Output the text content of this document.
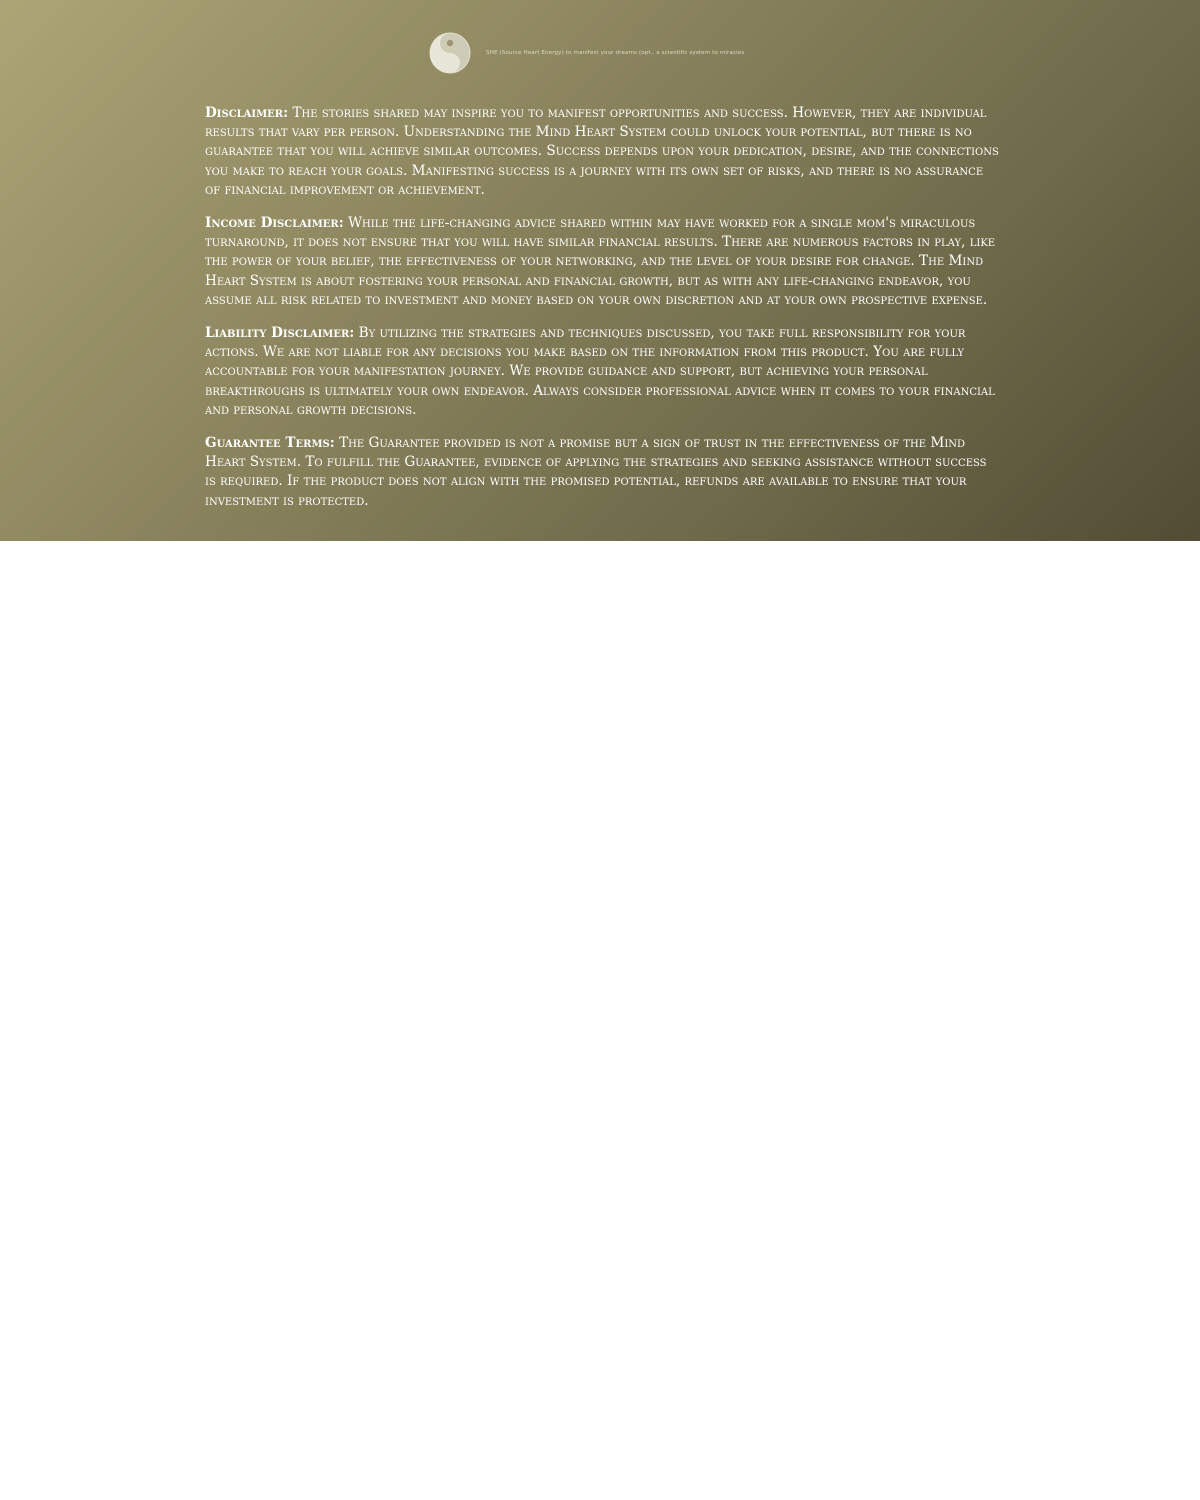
SHE (Source Heart Energy) to manifest your dreams (opt.. a scientific system to miracles

Disclaimer: The stories shared may inspire you to manifest opportunities and success. However, they are individual results that vary per person. Understanding the Mind Heart System could unlock your potential, but there is no guarantee that you will achieve similar outcomes. Success depends upon your dedication, desire, and the connections you make to reach your goals. Manifesting success is a journey with its own set of risks, and there is no assurance of financial improvement or achievement.

Income Disclaimer: While the life-changing advice shared within may have worked for a single mom's miraculous turnaround, it does not ensure that you will have similar financial results. There are numerous factors in play, like the power of your belief, the effectiveness of your networking, and the level of your desire for change. The Mind Heart System is about fostering your personal and financial growth, but as with any life-changing endeavor, you assume all risk related to investment and money based on your own discretion and at your own prospective expense.

Liability Disclaimer: By utilizing the strategies and techniques discussed, you take full responsibility for your actions. We are not liable for any decisions you make based on the information from this product. You are fully accountable for your manifestation journey. We provide guidance and support, but achieving your personal breakthroughs is ultimately your own endeavor. Always consider professional advice when it comes to your financial and personal growth decisions.

Guarantee Terms: The Guarantee provided is not a promise but a sign of trust in the effectiveness of the Mind Heart System. To fulfill the Guarantee, evidence of applying the strategies and seeking assistance without success is required. If the product does not align with the promised potential, refunds are available to ensure that your investment is protected.
